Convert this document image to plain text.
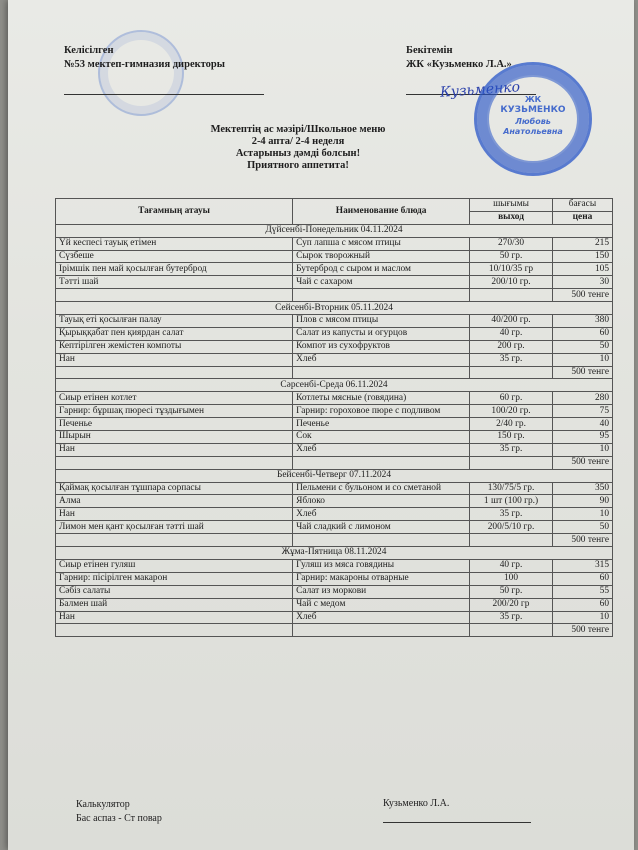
Келісілген
№53 мектеп-гимназия директоры
Бекітемін
ЖК «Кузьменко Л.А.»
Кузьменко ЖК
КУЗЬМЕНКО
Любовь
Анатольевна
Мектептің ас мәзірі/Школьное меню
2-4 апта/ 2-4 неделя
Астарыныз дәмді болсын!
Приятного аппетита!
Тағамның атауы	Наименование блюда	шығымы	бағасы
		выход	цена
Дүйсенбі-Понедельник 04.11.2024			
Үй кеспесі тауық етімен	Суп лапша с мясом птицы	270/30	215
Сүзбеше	Сырок творожный	50 гр.	150
Ірімшік пен май қосылған бутерброд	Бутерброд с сыром и маслом	10/10/35 гр	105
Тәтті шай	Чай с сахаром	200/10 гр.	30
			500 тенге
Сейсенбі-Вторник 05.11.2024			
Тауық еті қосылған палау	Плов с мясом птицы	40/200 гр.	380
Қырыққабат пен қиярдан салат	Салат из капусты и огурцов	40 гр.	60
Кептірілген жемістен компоты	Компот из сухофруктов	200 гр.	50
Нан	Хлеб	35 гр.	10
			500 тенге
Сәрсенбі-Среда 06.11.2024			
Сиыр етінен котлет	Котлеты мясные (говядина)	60 гр.	280
Гарнир: бұршақ пюресі тұздығымен	Гарнир: гороховое пюре с подливом	100/20 гр.	75
Печенье	Печенье	2/40 гр.	40
Шырын	Сок	150 гр.	95
Нан	Хлеб	35 гр.	10
			500 тенге
Бейсенбі-Четверг 07.11.2024			
Қаймақ қосылған тұшпара сорпасы	Пельмени с бульоном и со сметаной	130/75/5 гр.	350
Алма	Яблоко	1 шт (100 гр.)	90
Нан	Хлеб	35 гр.	10
Лимон мен қант қосылған тәтті шай	Чай сладкий с лимоном	200/5/10 гр.	50
			500 тенге
Жұма-Пятница 08.11.2024			
Сиыр етінен гуляш	Гуляш из мяса говядины	40 гр.	315
Гарнир: пісірілген макарон	Гарнир: макароны отварные	100	60
Сәбіз салаты	Салат из моркови	50 гр.	55
Балмен шай	Чай с медом	200/20 гр	60
Нан	Хлеб	35 гр.	10
			500 тенге
Калькулятор
Бас аспаз - Ст повар
Кузьменко Л.А.
